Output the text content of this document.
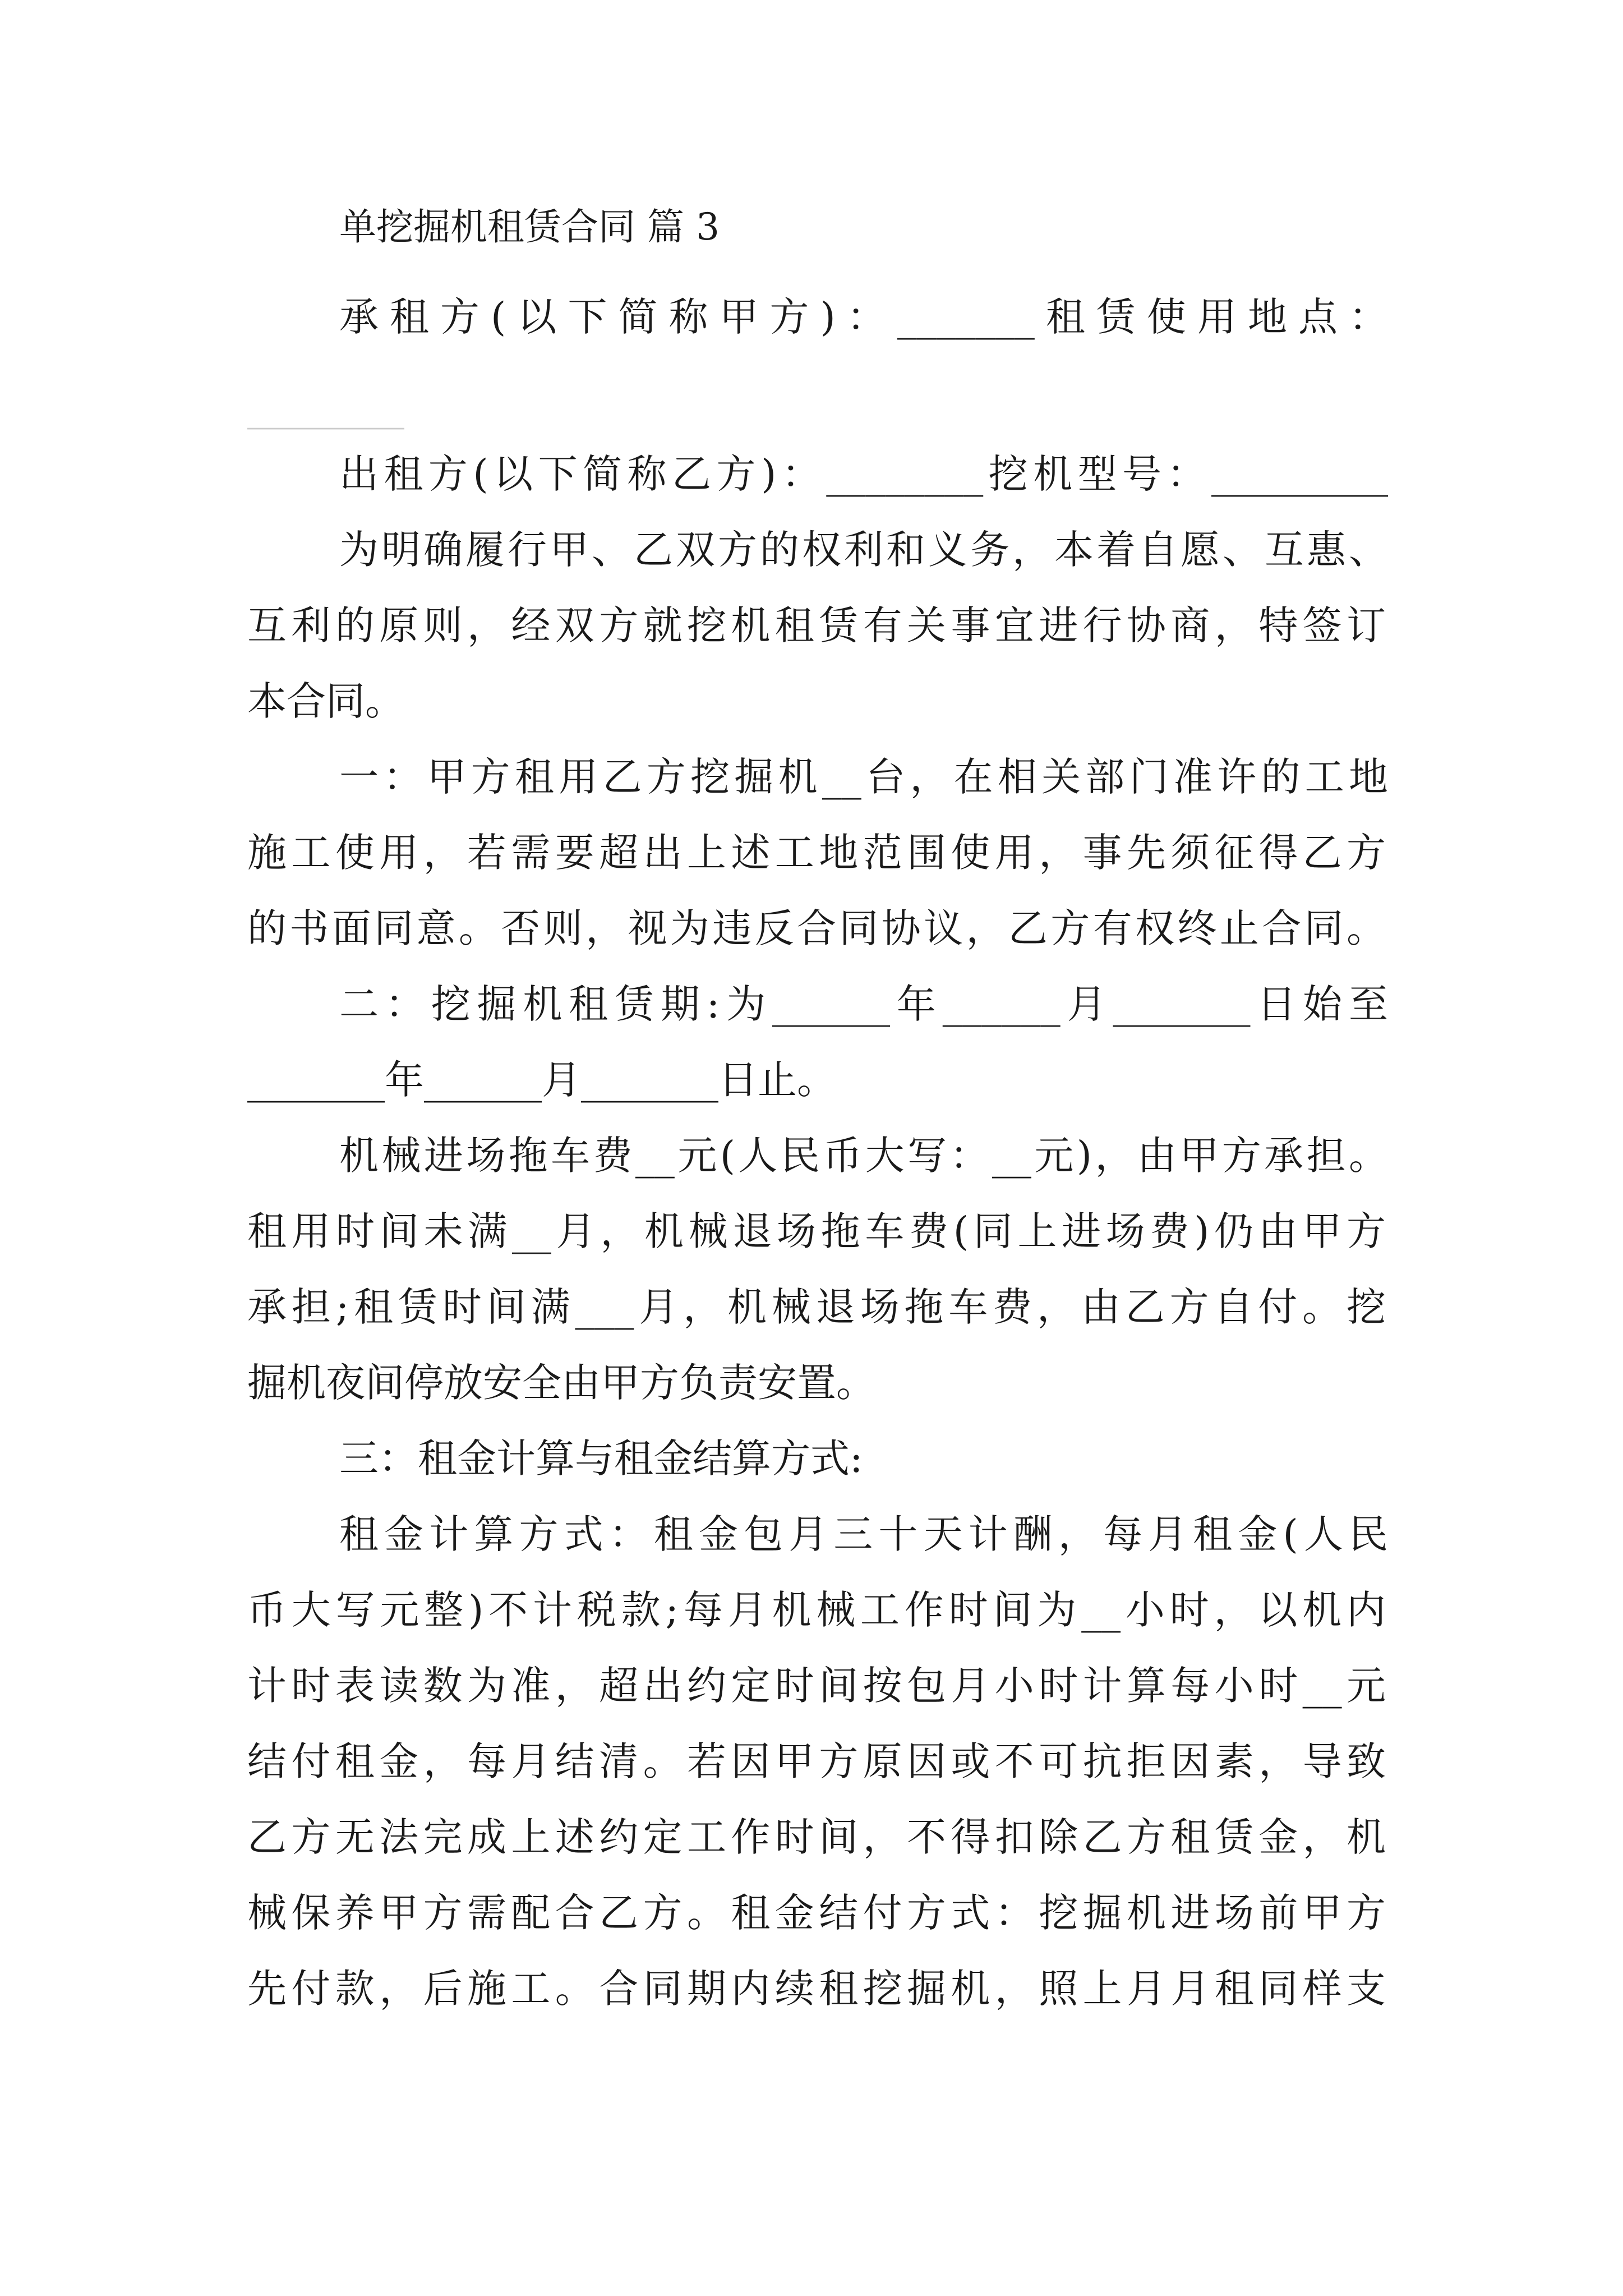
单挖掘机租赁合同 篇 3
承租方(以下简称甲方)：_______租赁使用地点：
________
出租方(以下简称乙方)：________挖机型号：_________
为明确履行甲、乙双方的权利和义务，本着自愿、互惠、
互利的原则，经双方就挖机租赁有关事宜进行协商，特签订
本合同。
一：甲方租用乙方挖掘机__台，在相关部门准许的工地
施工使用，若需要超出上述工地范围使用，事先须征得乙方
的书面同意。否则，视为违反合同协议，乙方有权终止合同。
二：挖掘机租赁期:为______年______月_______日始至
_______年______月_______日止。
机械进场拖车费__元(人民币大写：__元)，由甲方承担。
租用时间未满__月，机械退场拖车费(同上进场费)仍由甲方
承担;租赁时间满___月，机械退场拖车费，由乙方自付。挖
掘机夜间停放安全由甲方负责安置。
三：租金计算与租金结算方式:
租金计算方式：租金包月三十天计酬，每月租金(人民
币大写元整)不计税款;每月机械工作时间为__小时，以机内
计时表读数为准，超出约定时间按包月小时计算每小时__元
结付租金，每月结清。若因甲方原因或不可抗拒因素，导致
乙方无法完成上述约定工作时间，不得扣除乙方租赁金，机
械保养甲方需配合乙方。租金结付方式：挖掘机进场前甲方
先付款，后施工。合同期内续租挖掘机，照上月月租同样支
